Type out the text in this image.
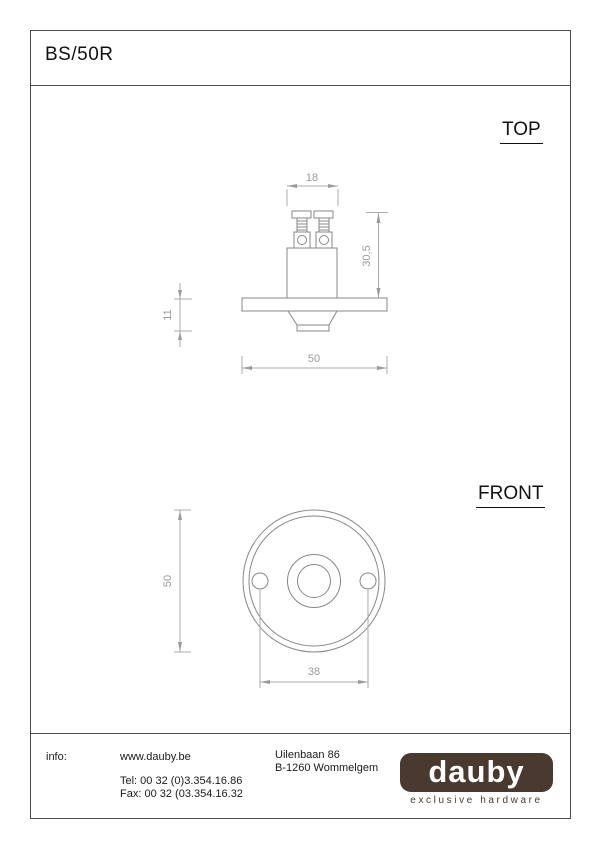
BS/50R
TOP
FRONT
18
30,5
11
50
50
38
info:	www.dauby.be
Tel: 00 32 (0)3.354.16.86
Fax: 00 32 (03.354.16.32
Uilenbaan 86
B-1260 Wommelgem dauby
exclusive hardware
